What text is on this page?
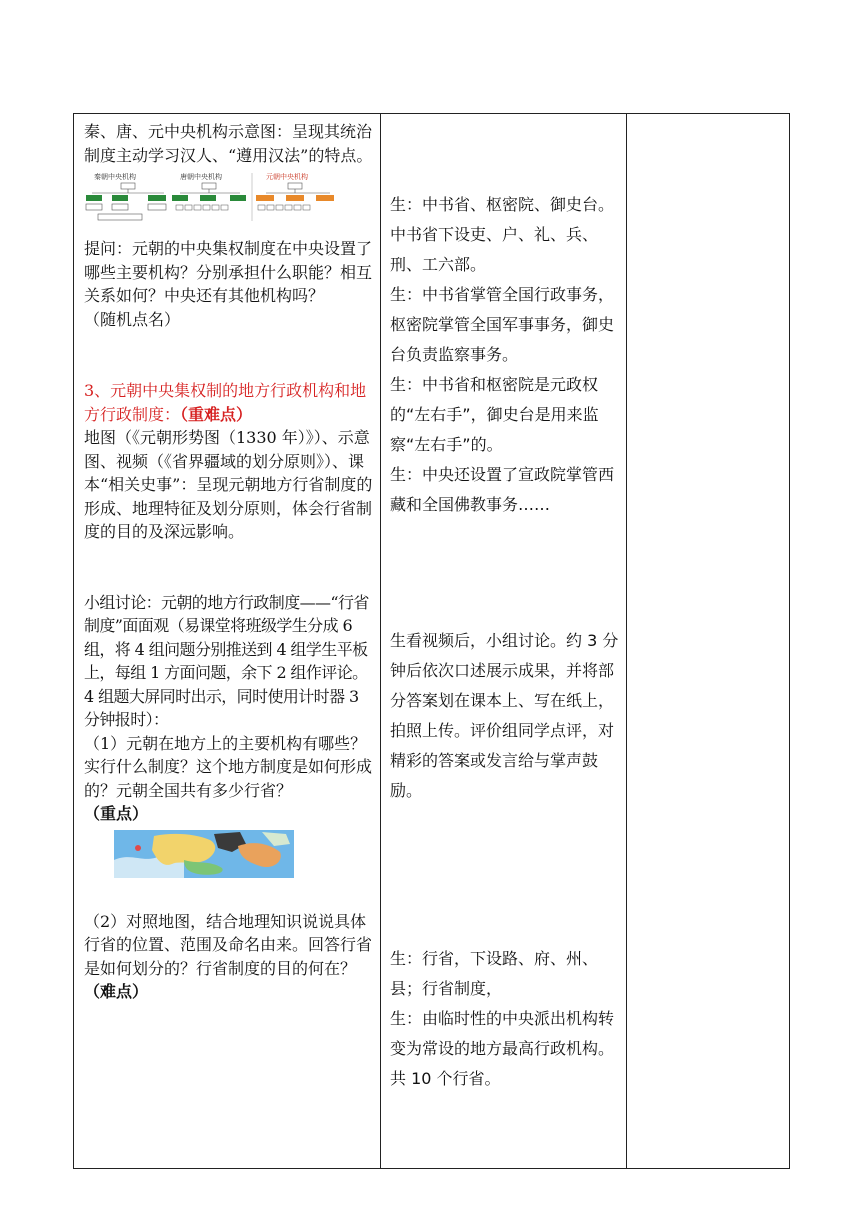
秦、唐、元中央机构示意图：呈现其统治制度主动学习汉人、“遵用汉法”的特点。

秦朝中央机构	唐朝中央机构	元朝中央机构

提问：元朝的中央集权制度在中央设置了哪些主要机构？分别承担什么职能？相互关系如何？中央还有其他机构吗？

（随机点名）

3、元朝中央集权制的地方行政机构和地方行政制度：（重难点）

地图（《元朝形势图（1330 年）》）、示意图、视频（《省界疆域的划分原则》）、课本“相关史事”：呈现元朝地方行省制度的形成、地理特征及划分原则，体会行省制度的目的及深远影响。

小组讨论：元朝的地方行政制度——“行省制度”面面观（易课堂将班级学生分成 6 组，将 4 组问题分别推送到 4 组学生平板上，每组 1 方面问题，余下 2 组作评论。4 组题大屏同时出示，同时使用计时器 3 分钟报时）：

（1）元朝在地方上的主要机构有哪些？实行什么制度？这个地方制度是如何形成的？元朝全国共有多少行省？

（重点）

（2）对照地图，结合地理知识说说具体行省的位置、范围及命名由来。回答行省是如何划分的？行省制度的目的何在？（难点）

生：中书省、枢密院、御史台。中书省下设吏、户、礼、兵、刑、工六部。

生：中书省掌管全国行政事务，枢密院掌管全国军事事务，御史台负责监察事务。

生：中书省和枢密院是元政权的“左右手”，御史台是用来监察“左右手”的。

生：中央还设置了宣政院掌管西藏和全国佛教事务……

生看视频后，小组讨论。约 3 分钟后依次口述展示成果，并将部分答案划在课本上、写在纸上，拍照上传。评价组同学点评，对精彩的答案或发言给与掌声鼓励。

生：行省，下设路、府、州、县；行省制度，

生：由临时性的中央派出机构转变为常设的地方最高行政机构。共 10 个行省。
